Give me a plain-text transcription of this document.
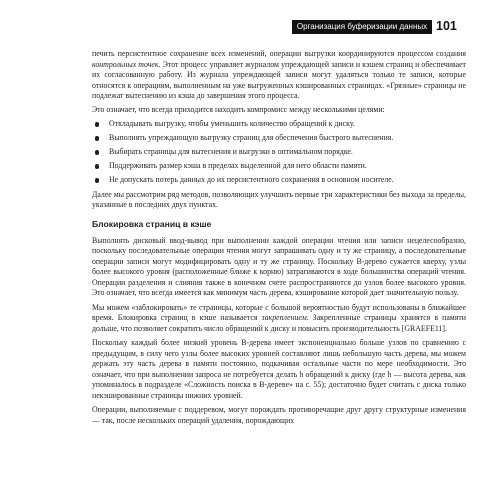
Организация буферизации данных 101

печить персистентное сохранение всех изменений, операции выгрузки координируются процессом создания контрольных точек. Этот процесс управляет журналом упреждающей записи и кэшем страниц и обеспечивает их согласованную работу. Из журнала упреждающей записи могут удаляться только те записи, которые относятся к операциям, выполненным на уже выгруженных кэшированных страницах. «Грязные» страницы не подлежат вытеснению из кэша до завершения этого процесса.

Это означает, что всегда приходится находить компромисс между несколькими целями:

Откладывать выгрузку, чтобы уменьшить количество обращений к диску.
Выполнять упреждающую выгрузку страниц для обеспечения быстрого вытеснения.
Выбирать страницы для вытеснения и выгрузки в оптимальном порядке.
Поддерживать размер кэша в пределах выделенной для него области памяти.
Не допускать потерь данных до их персистентного сохранения в основном носителе.

Далее мы рассмотрим ряд методов, позволяющих улучшить первые три характеристики без выхода за пределы, указанные в последних двух пунктах.

Блокировка страниц в кэше

Выполнять дисковый ввод-вывод при выполнении каждой операции чтения или записи нецелесообразно, поскольку последовательные операции чтения могут запрашивать одну и ту же страницу, а последовательные операции записи могут модифицировать одну и ту же страницу. Поскольку B-дерево сужается кверху, узлы более высокого уровня (расположенные ближе к корню) затрагиваются в ходе большинства операций чтения. Операции разделения и слияния также в конечном счете распространяются до узлов более высокого уровня. Это означает, что всегда имеется как минимум часть дерева, кэширование которой дает значительную пользу.

Мы можем «заблокировать» те страницы, которые с большой вероятностью будут использованы в ближайшее время. Блокировка страниц в кэше называется закреплением. Закрепленные страницы хранятся в памяти дольше, что позволяет сократить число обращений к диску и повысить производительность [GRAEFE11].

Поскольку каждый более низкий уровень B-дерева имеет экспоненциально больше узлов по сравнению с предыдущим, в силу чего узлы более высоких уровней составляют лишь небольшую часть дерева, мы можем держать эту часть дерева в памяти постоянно, подкачивая остальные части по мере необходимости. Это означает, что при выполнении запроса не потребуется делать h обращений к диску (где h — высота дерева, как упоминалось в подразделе «Сложность поиска в B-дереве» на с. 55); достаточно будет считать с диска только некэшированные страницы нижних уровней.

Операции, выполняемые с поддеревом, могут порождать противоречащие друг другу структурные изменения — так, после нескольких операций удаления, порождающих
